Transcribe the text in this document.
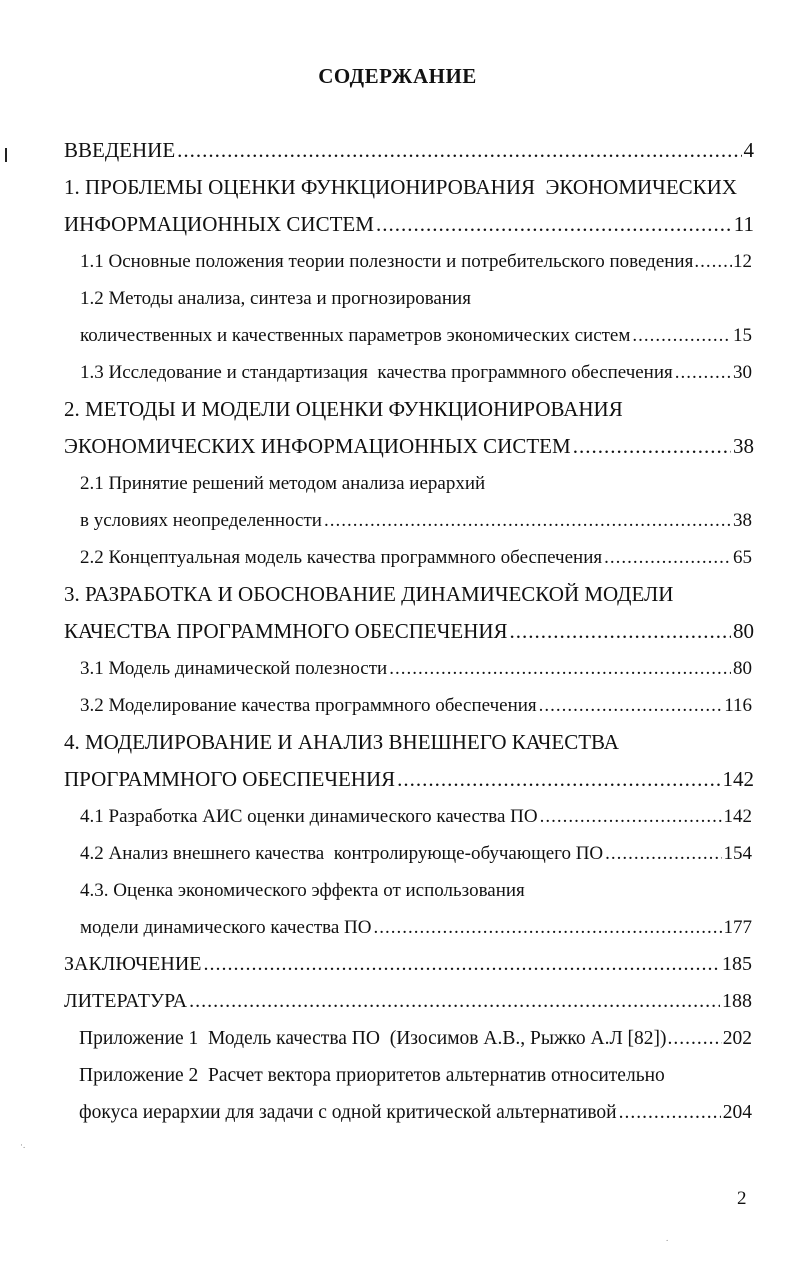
·.
.
СОДЕРЖАНИЕ
ВВЕДЕНИЕ .....	4
1. ПРОБЛЕМЫ ОЦЕНКИ ФУНКЦИОНИРОВАНИЯ  ЭКОНОМИЧЕСКИХ
ИНФОРМАЦИОННЫХ СИСТЕМ .....	11
1.1 Основные положения теории полезности и потребительского поведения ..... 12
1.2 Методы анализа, синтеза и прогнозирования
количественных и качественных параметров экономических систем .....	15
1.3 Исследование и стандартизация  качества программного обеспечения .....	30
2. МЕТОДЫ И МОДЕЛИ ОЦЕНКИ ФУНКЦИОНИРОВАНИЯ
ЭКОНОМИЧЕСКИХ ИНФОРМАЦИОННЫХ СИСТЕМ .....	38
2.1 Принятие решений методом анализа иерархий
в условиях неопределенности .....	38
2.2 Концептуальная модель качества программного обеспечения .....	65
3. РАЗРАБОТКА И ОБОСНОВАНИЕ ДИНАМИЧЕСКОЙ МОДЕЛИ
КАЧЕСТВА ПРОГРАММНОГО ОБЕСПЕЧЕНИЯ .....	80
3.1 Модель динамической полезности .....	80
3.2 Моделирование качества программного обеспечения .....	116
4. МОДЕЛИРОВАНИЕ И АНАЛИЗ ВНЕШНЕГО КАЧЕСТВА
ПРОГРАММНОГО ОБЕСПЕЧЕНИЯ .....	142
4.1 Разработка АИС оценки динамического качества ПО .....	142
4.2 Анализ внешнего качества  контролирующе-обучающего ПО .....	154
4.3. Оценка экономического эффекта от использования
модели динамического качества ПО .....	177
ЗАКЛЮЧЕНИЕ .....	185
ЛИТЕРАТУРА .....	188
Приложение 1  Модель качества ПО  (Изосимов А.В., Рыжко А.Л [82]) .....	202
Приложение 2  Расчет вектора приоритетов альтернатив относительно
фокуса иерархии для задачи с одной критической альтернативой .....	204
2
